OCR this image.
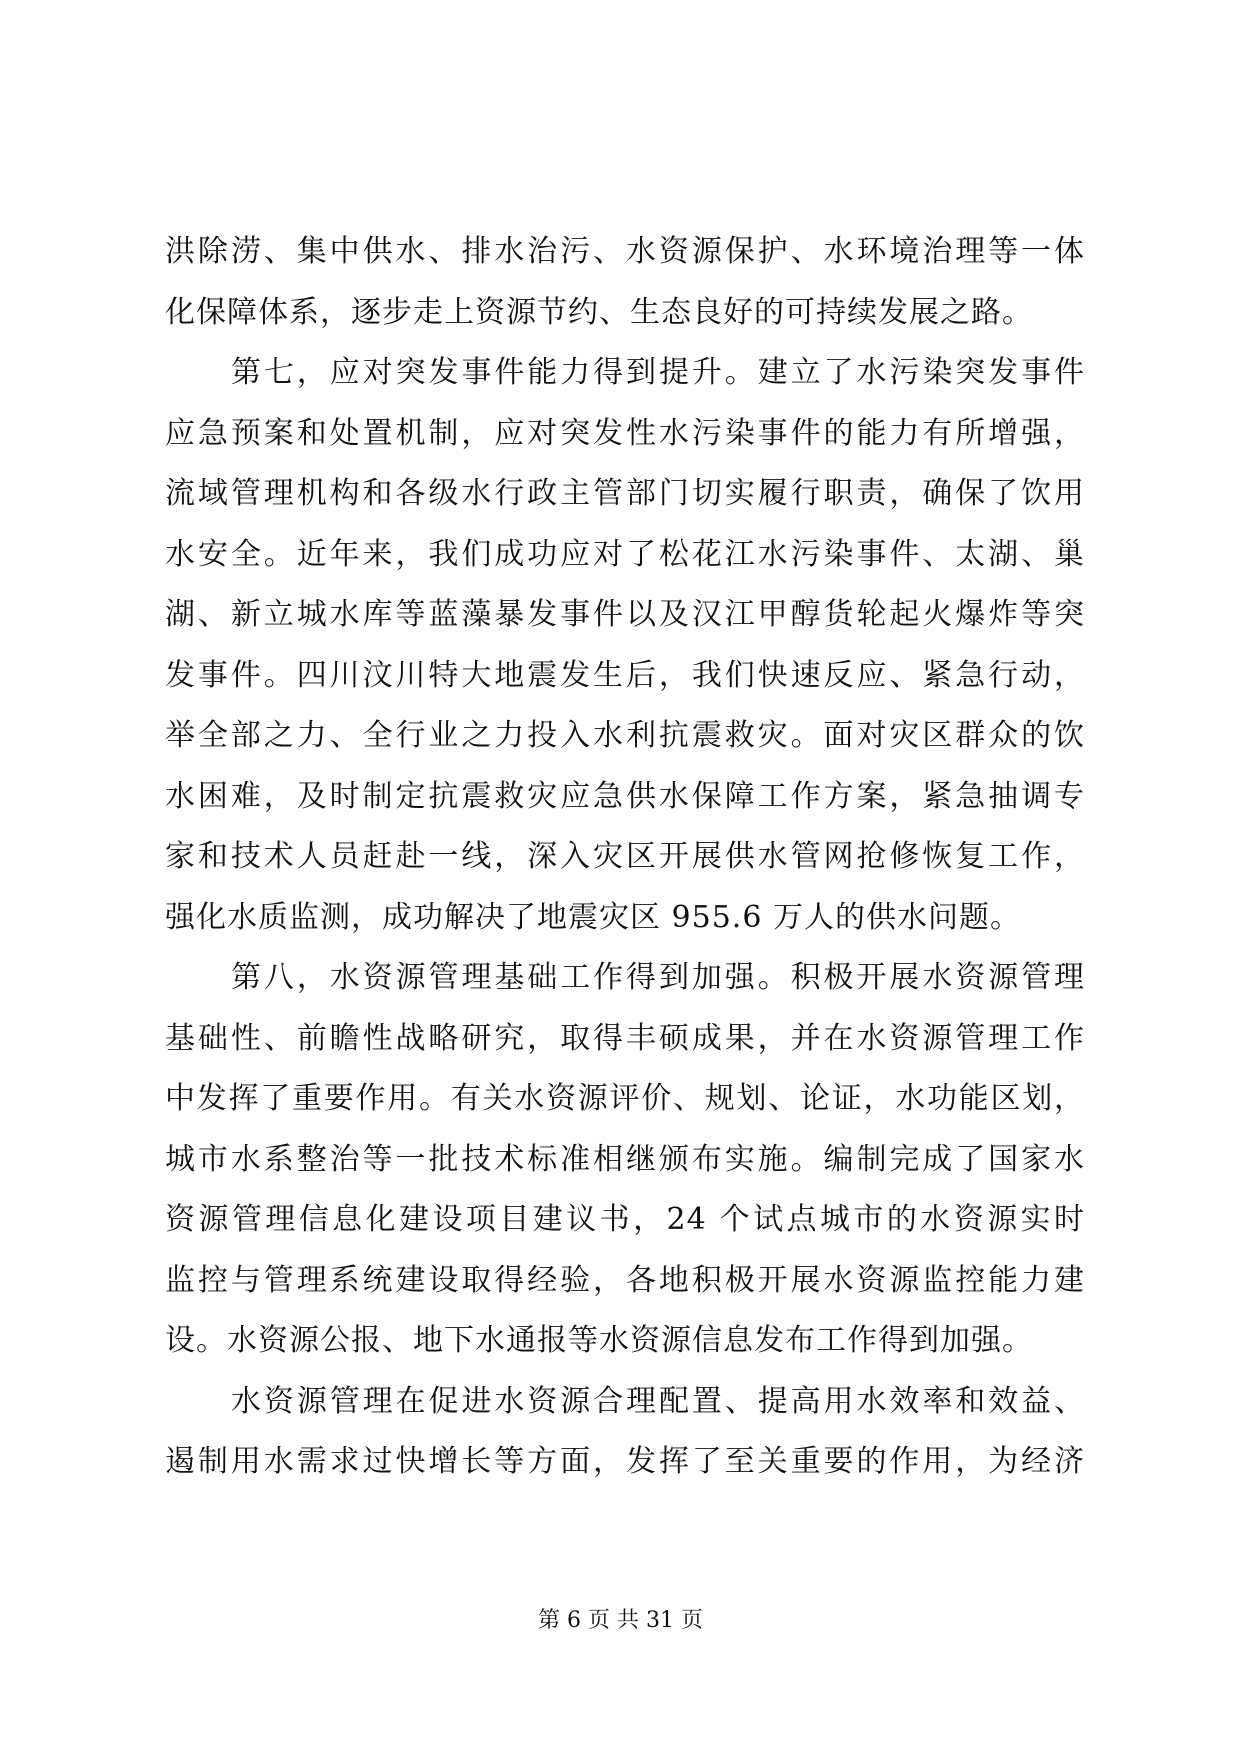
洪除涝、集中供水、排水治污、水资源保护、水环境治理等一体
化保障体系，逐步走上资源节约、生态良好的可持续发展之路。
第七，应对突发事件能力得到提升。建立了水污染突发事件
应急预案和处置机制，应对突发性水污染事件的能力有所增强，
流域管理机构和各级水行政主管部门切实履行职责，确保了饮用
水安全。近年来，我们成功应对了松花江水污染事件、太湖、巢
湖、新立城水库等蓝藻暴发事件以及汉江甲醇货轮起火爆炸等突
发事件。四川汶川特大地震发生后，我们快速反应、紧急行动，
举全部之力、全行业之力投入水利抗震救灾。面对灾区群众的饮
水困难，及时制定抗震救灾应急供水保障工作方案，紧急抽调专
家和技术人员赶赴一线，深入灾区开展供水管网抢修恢复工作，
强化水质监测，成功解决了地震灾区 955.6 万人的供水问题。
第八，水资源管理基础工作得到加强。积极开展水资源管理
基础性、前瞻性战略研究，取得丰硕成果，并在水资源管理工作
中发挥了重要作用。有关水资源评价、规划、论证，水功能区划，
城市水系整治等一批技术标准相继颁布实施。编制完成了国家水
资源管理信息化建设项目建议书，24 个试点城市的水资源实时
监控与管理系统建设取得经验，各地积极开展水资源监控能力建
设。水资源公报、地下水通报等水资源信息发布工作得到加强。
水资源管理在促进水资源合理配置、提高用水效率和效益、
遏制用水需求过快增长等方面，发挥了至关重要的作用，为经济
第 6 页 共 31 页
